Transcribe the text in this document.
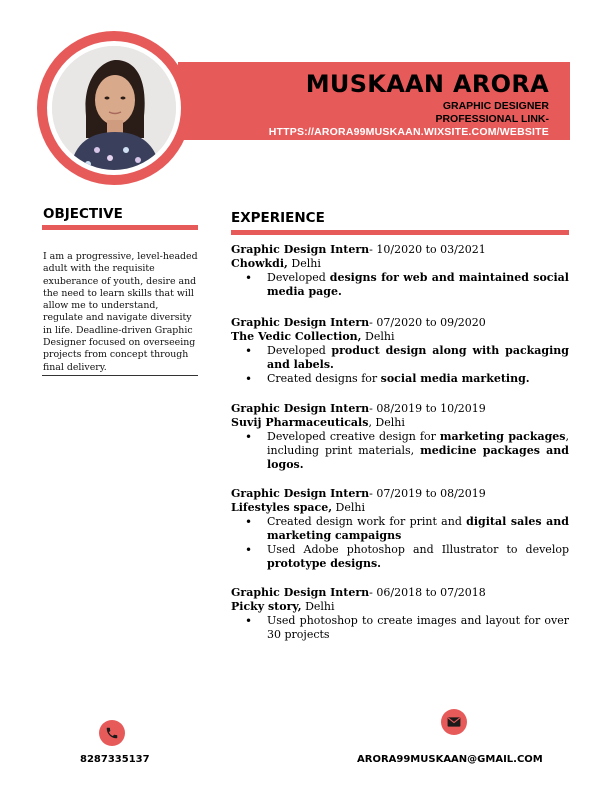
MUSKAAN ARORA
GRAPHIC DESIGNER
PROFESSIONAL LINK-
HTTPS://ARORA99MUSKAAN.WIXSITE.COM/WEBSITE
OBJECTIVE
I am a progressive, level-headed adult with the requisite exuberance of youth, desire and the need to learn skills that will allow me to understand, regulate and navigate diversity in life. Deadline-driven Graphic Designer focused on overseeing projects from concept through final delivery.
EXPERIENCE
Graphic Design Intern- 10/2020 to 03/2021
Chowkdi, Delhi
• Developed designs for web and maintained social media page.
Graphic Design Intern- 07/2020 to 09/2020
The Vedic Collection, Delhi
• Developed product design along with packaging and labels.
• Created designs for social media marketing.
Graphic Design Intern- 08/2019 to 10/2019
Suvij Pharmaceuticals, Delhi
• Developed creative design for marketing packages, including print materials, medicine packages and logos.
Graphic Design Intern- 07/2019 to 08/2019
Lifestyles space, Delhi
• Created design work for print and digital sales and marketing campaigns
• Used Adobe photoshop and Illustrator to develop prototype designs.
Graphic Design Intern- 06/2018 to 07/2018
Picky story, Delhi
• Used photoshop to create images and layout for over 30 projects
8287335137	ARORA99MUSKAAN@GMAIL.COM
